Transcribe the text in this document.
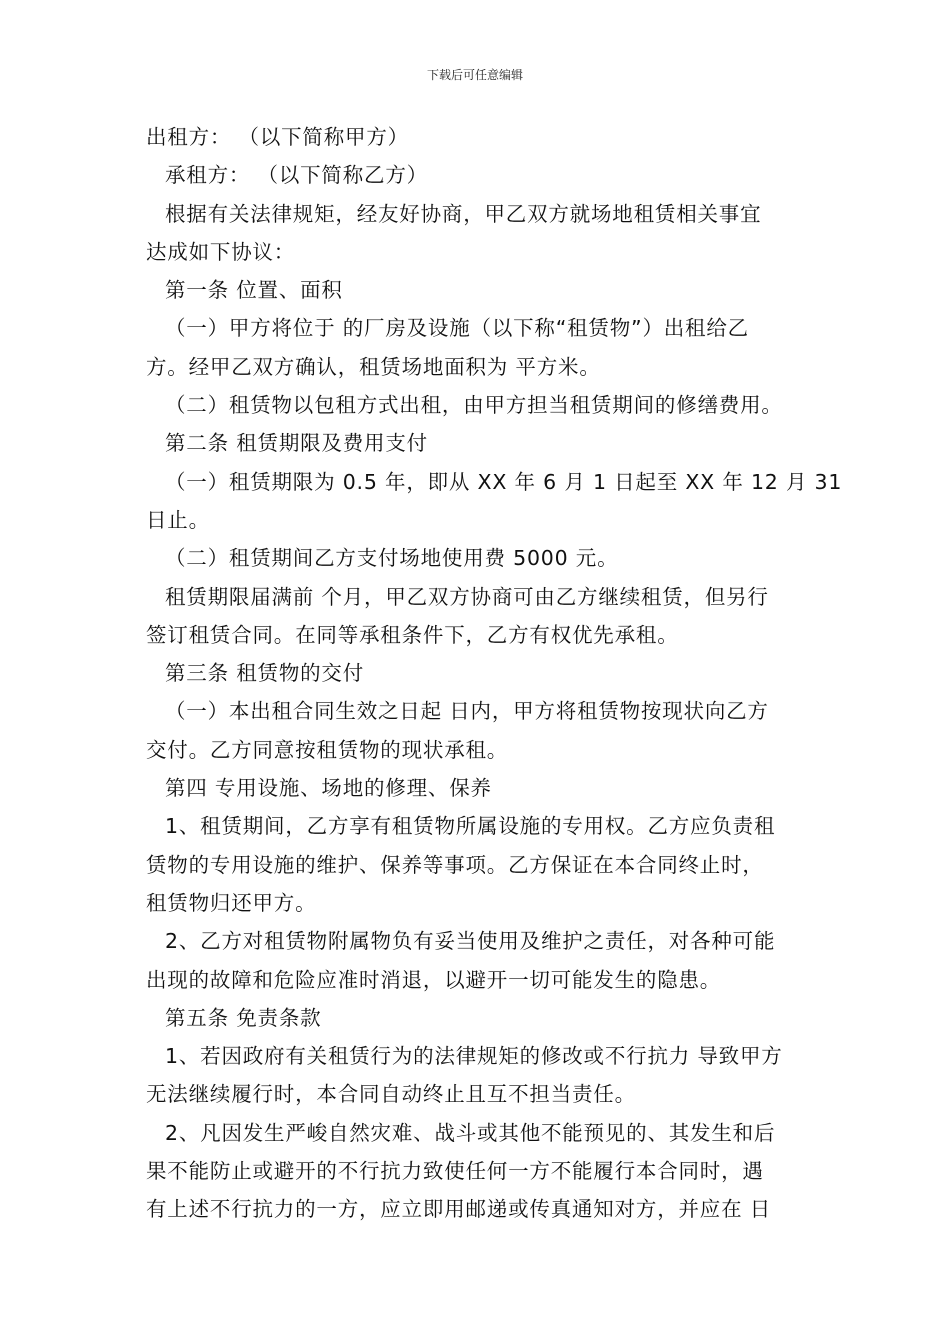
下载后可任意编辑
出租方： （以下简称甲方）
承租方： （以下简称乙方）
根据有关法律规矩，经友好协商，甲乙双方就场地租赁相关事宜
达成如下协议：
第一条 位置、面积
（一）甲方将位于 的厂房及设施（以下称“租赁物”）出租给乙
方。经甲乙双方确认，租赁场地面积为 平方米。
（二）租赁物以包租方式出租，由甲方担当租赁期间的修缮费用。
第二条 租赁期限及费用支付
（一）租赁期限为 0.5 年，即从 XX 年 6 月 1 日起至 XX 年 12 月 31
日止。
（二）租赁期间乙方支付场地使用费 5000 元。
租赁期限届满前 个月，甲乙双方协商可由乙方继续租赁，但另行
签订租赁合同。在同等承租条件下，乙方有权优先承租。
第三条 租赁物的交付
（一）本出租合同生效之日起 日内，甲方将租赁物按现状向乙方
交付。乙方同意按租赁物的现状承租。
第四 专用设施、场地的修理、保养
1、租赁期间，乙方享有租赁物所属设施的专用权。乙方应负责租
赁物的专用设施的维护、保养等事项。乙方保证在本合同终止时，
租赁物归还甲方。
2、乙方对租赁物附属物负有妥当使用及维护之责任，对各种可能
出现的故障和危险应准时消退，以避开一切可能发生的隐患。
第五条 免责条款
1、若因政府有关租赁行为的法律规矩的修改或不行抗力 导致甲方
无法继续履行时，本合同自动终止且互不担当责任。
2、凡因发生严峻自然灾难、战斗或其他不能预见的、其发生和后
果不能防止或避开的不行抗力致使任何一方不能履行本合同时，遇
有上述不行抗力的一方，应立即用邮递或传真通知对方，并应在 日
